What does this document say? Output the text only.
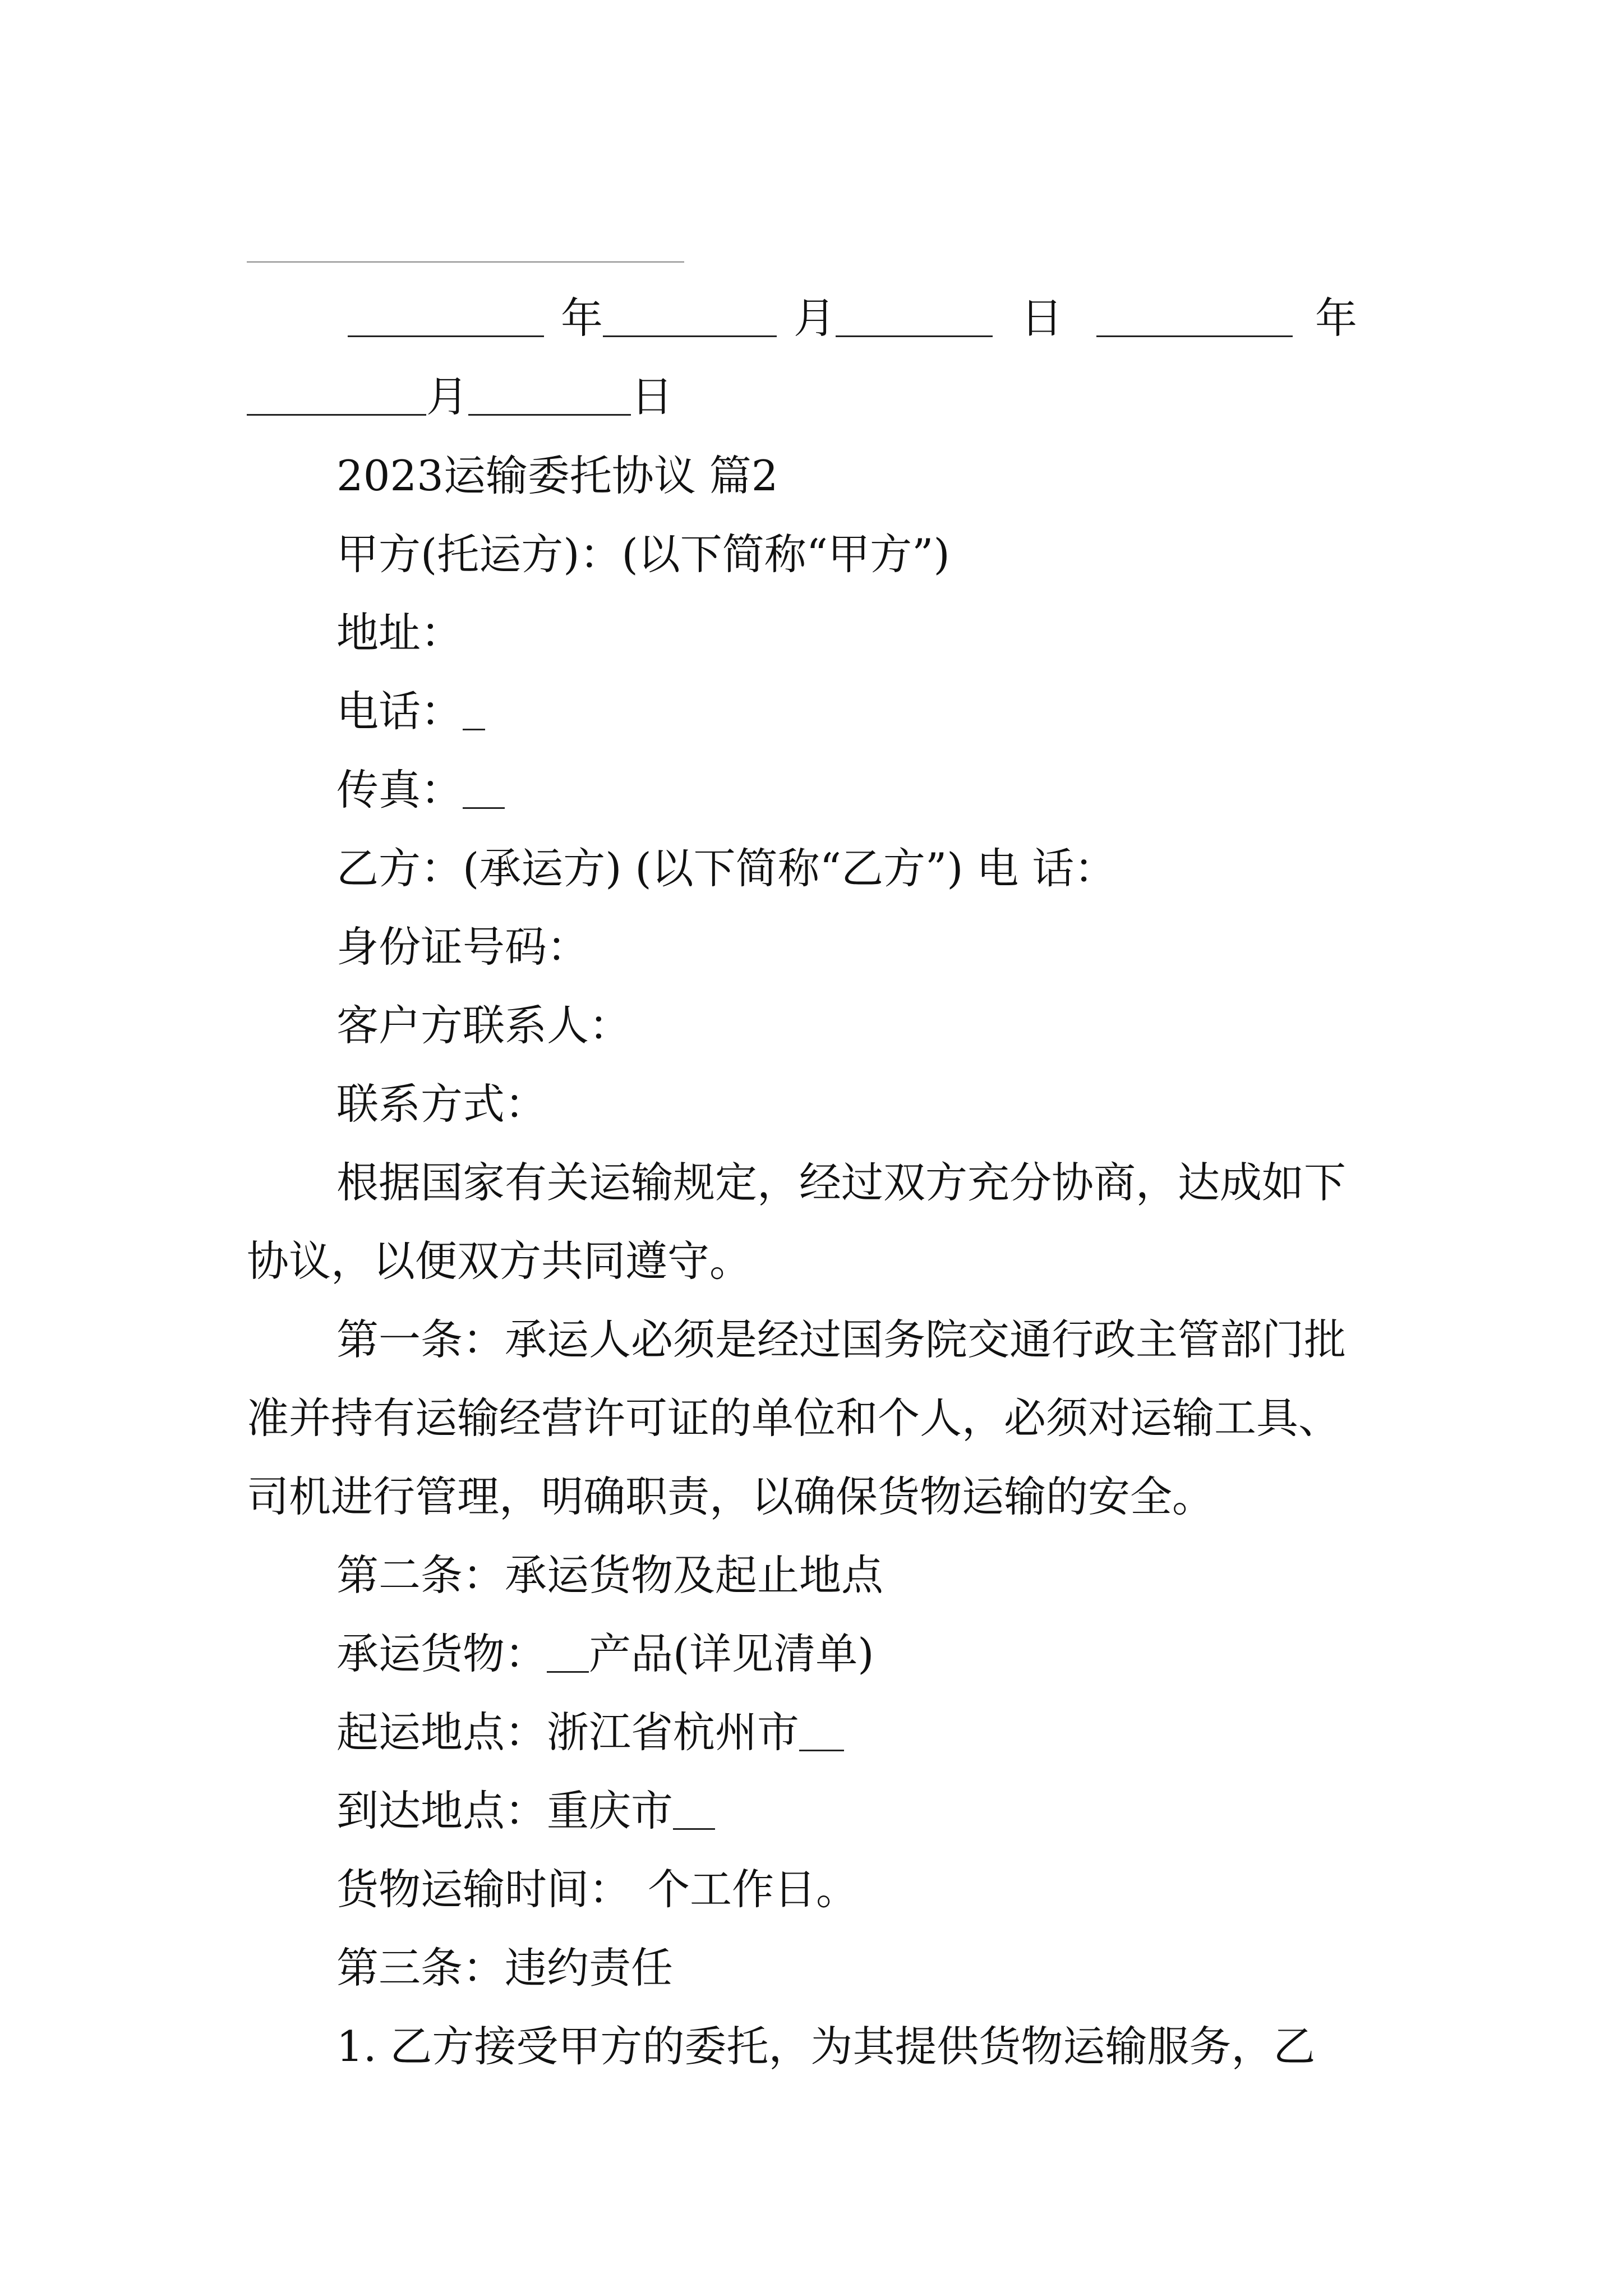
年	月	日	年
月	日
2023运输委托协议 篇2
甲方(托运方)：(以下简称“甲方”)
地址：
电话：
传真：
乙方：(承运方) (以下简称“乙方”) 电 话：
身份证号码：
客户方联系人：
联系方式：
根据国家有关运输规定，经过双方充分协商，达成如下
协议，以便双方共同遵守。
第一条：承运人必须是经过国务院交通行政主管部门批
准并持有运输经营许可证的单位和个人，必须对运输工具、
司机进行管理，明确职责，以确保货物运输的安全。
第二条：承运货物及起止地点
承运货物： 产品(详见清单)
起运地点：浙江省杭州市
到达地点：重庆市
货物运输时间： 个工作日。
第三条：违约责任
1. 乙方接受甲方的委托，为其提供货物运输服务，乙
